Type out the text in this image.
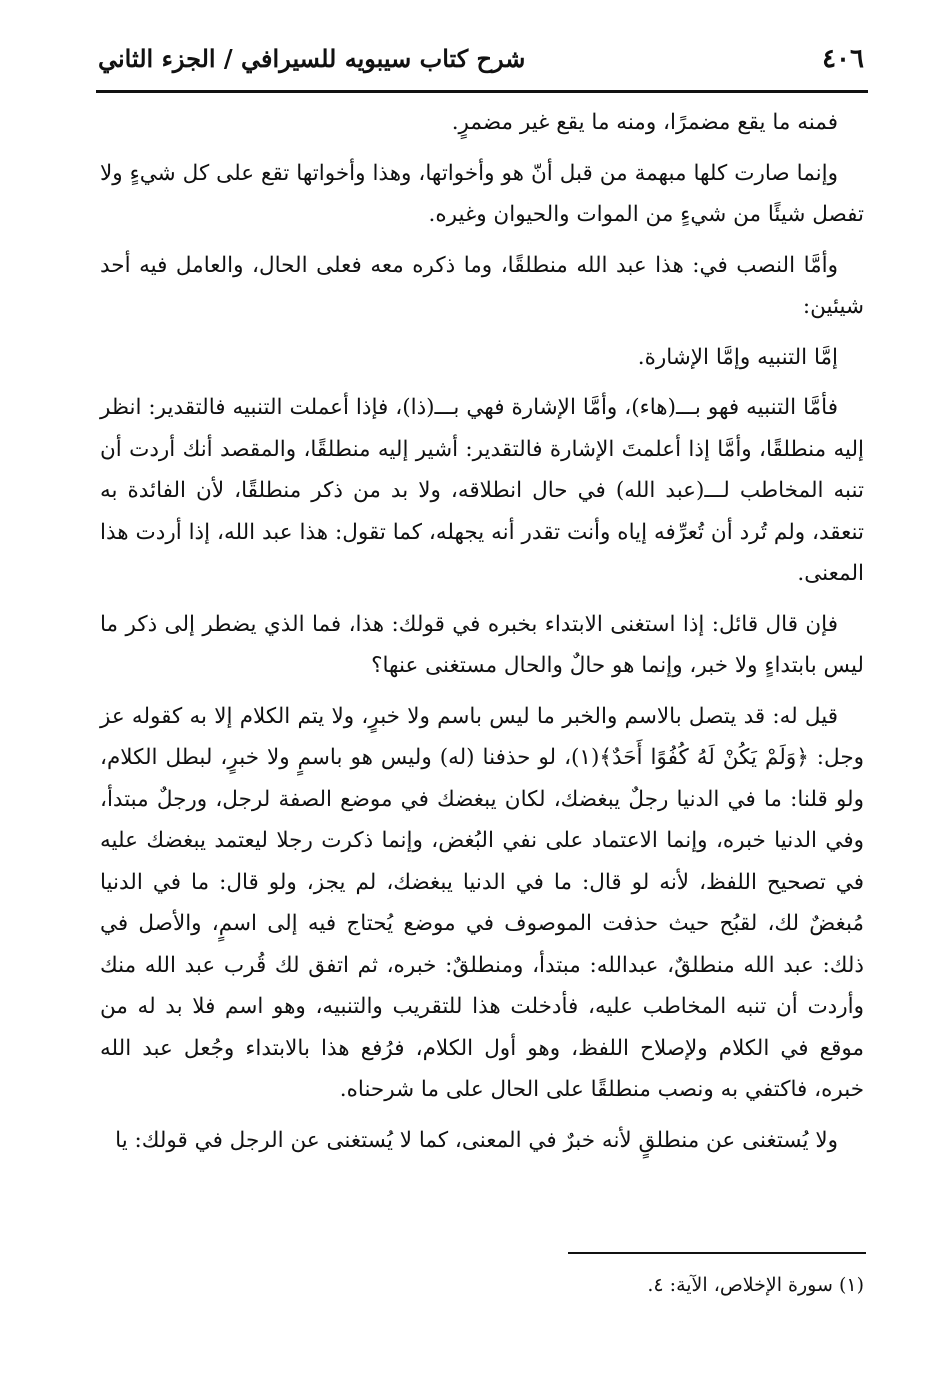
٤٠٦
شرح كتاب سيبويه للسيرافي / الجزء الثاني

فمنه ما يقع مضمرًا، ومنه ما يقع غير مضمرٍ.

وإنما صارت كلها مبهمة من قبل أنّ هو وأخواتها، وهذا وأخواتها تقع على كل شيءٍ ولا تفصل شيئًا من شيءٍ من الموات والحيوان وغيره.

وأمَّا النصب في: هذا عبد الله منطلقًا، وما ذكره معه فعلى الحال، والعامل فيه أحد شيئين:

إمَّا التنبيه وإمَّا الإشارة.

فأمَّا التنبيه فهو بـــ(هاء)، وأمَّا الإشارة فهي بـــ(ذا)، فإذا أعملت التنبيه فالتقدير: انظر إليه منطلقًا، وأمَّا إذا أعلمتَ الإشارة فالتقدير: أشير إليه منطلقًا، والمقصد أنك أردت أن تنبه المخاطب لـــ(عبد الله) في حال انطلاقه، ولا بد من ذكر منطلقًا، لأن الفائدة به تنعقد، ولم تُرد أن تُعرِّفه إياه وأنت تقدر أنه يجهله، كما تقول: هذا عبد الله، إذا أردت هذا المعنى.

فإن قال قائل: إذا استغنى الابتداء بخبره في قولك: هذا، فما الذي يضطر إلى ذكر ما ليس بابتداءٍ ولا خبر، وإنما هو حالٌ والحال مستغنى عنها؟

قيل له: قد يتصل بالاسم والخبر ما ليس باسم ولا خبرٍ، ولا يتم الكلام إلا به كقوله عز وجل: ﴿وَلَمْ يَكُنْ لَهُ كُفُوًا أَحَدٌ﴾(١)، لو حذفنا (له) وليس هو باسمٍ ولا خبرٍ، لبطل الكلام، ولو قلنا: ما في الدنيا رجلٌ يبغضك، لكان يبغضك في موضع الصفة لرجل، ورجلٌ مبتدأ، وفي الدنيا خبره، وإنما الاعتماد على نفي البُغض، وإنما ذكرت رجلا ليعتمد يبغضك عليه في تصحيح اللفظ، لأنه لو قال: ما في الدنيا يبغضك، لم يجز، ولو قال: ما في الدنيا مُبغضٌ لك، لقبُح حيث حذفت الموصوف في موضع يُحتاج فيه إلى اسمٍ، والأصل في ذلك: عبد الله منطلقٌ، عبدالله: مبتدأ، ومنطلقٌ: خبره، ثم اتفق لك قُرب عبد الله منك وأردت أن تنبه المخاطب عليه، فأدخلت هذا للتقريب والتنبيه، وهو اسم فلا بد له من موقع في الكلام ولإصلاح اللفظ، وهو أول الكلام، فرُفع هذا بالابتداء وجُعل عبد الله خبره، فاكتفي به ونصب منطلقًا على الحال على ما شرحناه.

ولا يُستغنى عن منطلقٍ لأنه خبرٌ في المعنى، كما لا يُستغنى عن الرجل في قولك: يا

(١) سورة الإخلاص، الآية: ٤.
